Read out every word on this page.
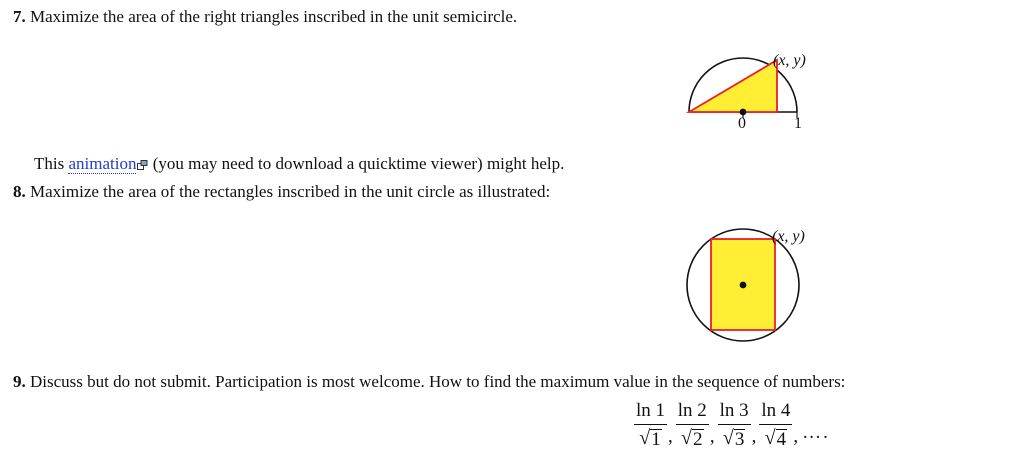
7. Maximize the area of the right triangles inscribed in the unit semicircle.
(x, y)
0	1
This animation (you may need to download a quicktime viewer) might help.
8. Maximize the area of the rectangles inscribed in the unit circle as illustrated:
(x, y)
9. Discuss but do not submit. Participation is most welcome. How to find the maximum value in the sequence of numbers:
$\frac{\ln 1}{√ 1}$ , $\frac{\ln 2}{√ 2}$ , $\frac{\ln 3}{√ 3}$ , $\frac{\ln 4}{√ 4}$ , ….
